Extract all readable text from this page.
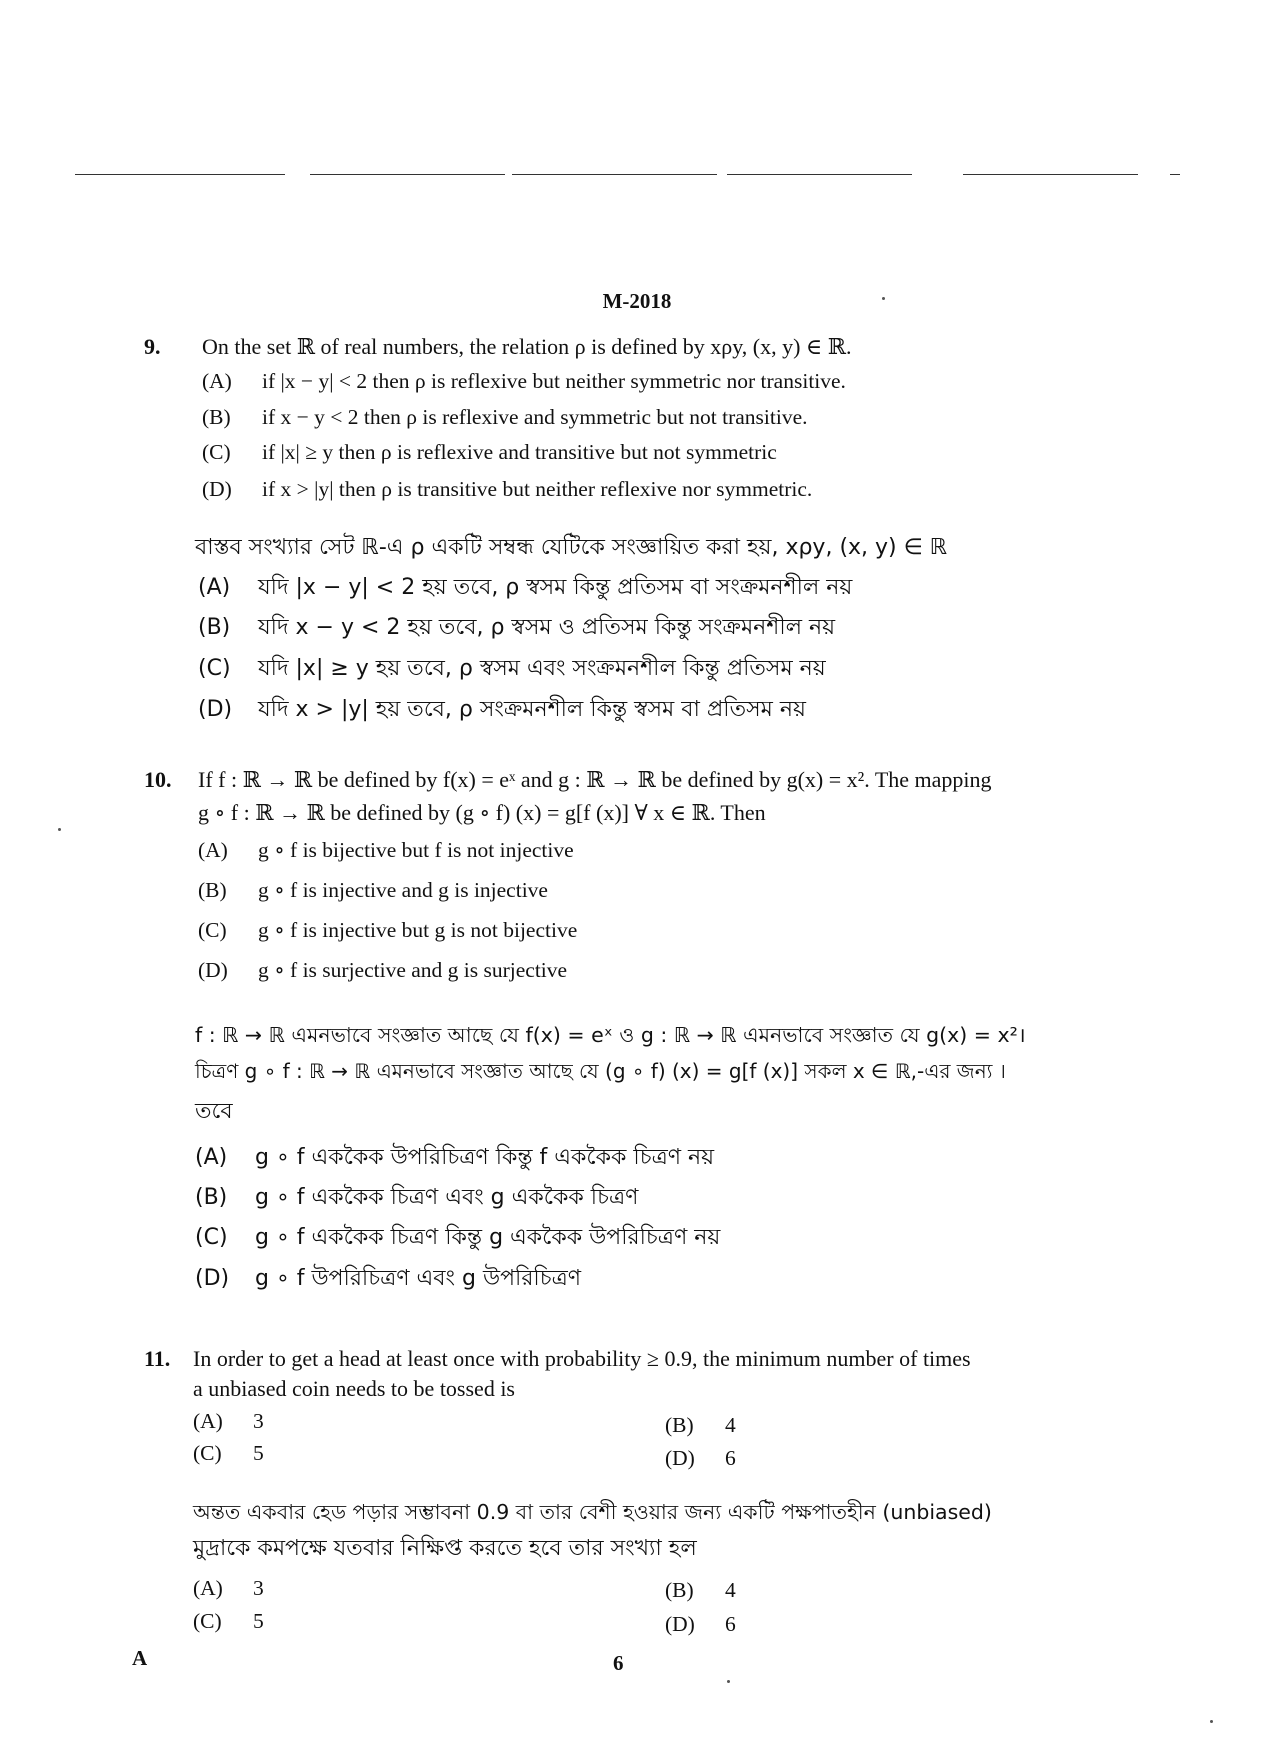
M-2018
9. On the set ℝ of real numbers, the relation ρ is defined by xρy, (x, y) ∈ ℝ.
(A) if |x − y| < 2 then ρ is reflexive but neither symmetric nor transitive.
(B) if x − y < 2 then ρ is reflexive and symmetric but not transitive.
(C) if |x| ≥ y then ρ is reflexive and transitive but not symmetric
(D) if x > |y| then ρ is transitive but neither reflexive nor symmetric.
বাস্তব সংখ্যার সেট ℝ-এ ρ একটি সম্বন্ধ যেটিকে সংজ্ঞায়িত করা হয়, xρy, (x, y) ∈ ℝ
(A) যদি |x − y| < 2 হয় তবে, ρ স্বসম কিন্তু প্রতিসম বা সংক্রমনশীল নয়
(B) যদি x − y < 2 হয় তবে, ρ স্বসম ও প্রতিসম কিন্তু সংক্রমনশীল নয়
(C) যদি |x| ≥ y হয় তবে, ρ স্বসম এবং সংক্রমনশীল কিন্তু প্রতিসম নয়
(D) যদি x > |y| হয় তবে, ρ সংক্রমনশীল কিন্তু স্বসম বা প্রতিসম নয়
10. If f : ℝ → ℝ be defined by f(x) = eˣ and g : ℝ → ℝ be defined by g(x) = x². The mapping
g ∘ f : ℝ → ℝ be defined by (g ∘ f) (x) = g[f (x)] ∀ x ∈ ℝ. Then
(A) g ∘ f is bijective but f is not injective
(B) g ∘ f is injective and g is injective
(C) g ∘ f is injective but g is not bijective
(D) g ∘ f is surjective and g is surjective
f : ℝ → ℝ এমনভাবে সংজ্ঞাত আছে যে f(x) = eˣ ও g : ℝ → ℝ এমনভাবে সংজ্ঞাত যে g(x) = x²।
চিত্রণ g ∘ f : ℝ → ℝ এমনভাবে সংজ্ঞাত আছে যে (g ∘ f) (x) = g[f (x)] সকল x ∈ ℝ,-এর জন্য ।
তবে
(A) g ∘ f এককৈক উপরিচিত্রণ কিন্তু f এককৈক চিত্রণ নয়
(B) g ∘ f এককৈক চিত্রণ এবং g এককৈক চিত্রণ
(C) g ∘ f এককৈক চিত্রণ কিন্তু g এককৈক উপরিচিত্রণ নয়
(D) g ∘ f উপরিচিত্রণ এবং g উপরিচিত্রণ
11. In order to get a head at least once with probability ≥ 0.9, the minimum number of times
a unbiased coin needs to be tossed is
(A) 3	(B) 4
(C) 5	(D) 6
অন্তত একবার হেড পড়ার সম্ভাবনা 0.9 বা তার বেশী হওয়ার জন্য একটি পক্ষপাতহীন (unbiased)
মুদ্রাকে কমপক্ষে যতবার নিক্ষিপ্ত করতে হবে তার সংখ্যা হল
(A) 3	(B) 4
(C) 5	(D) 6
A	6
